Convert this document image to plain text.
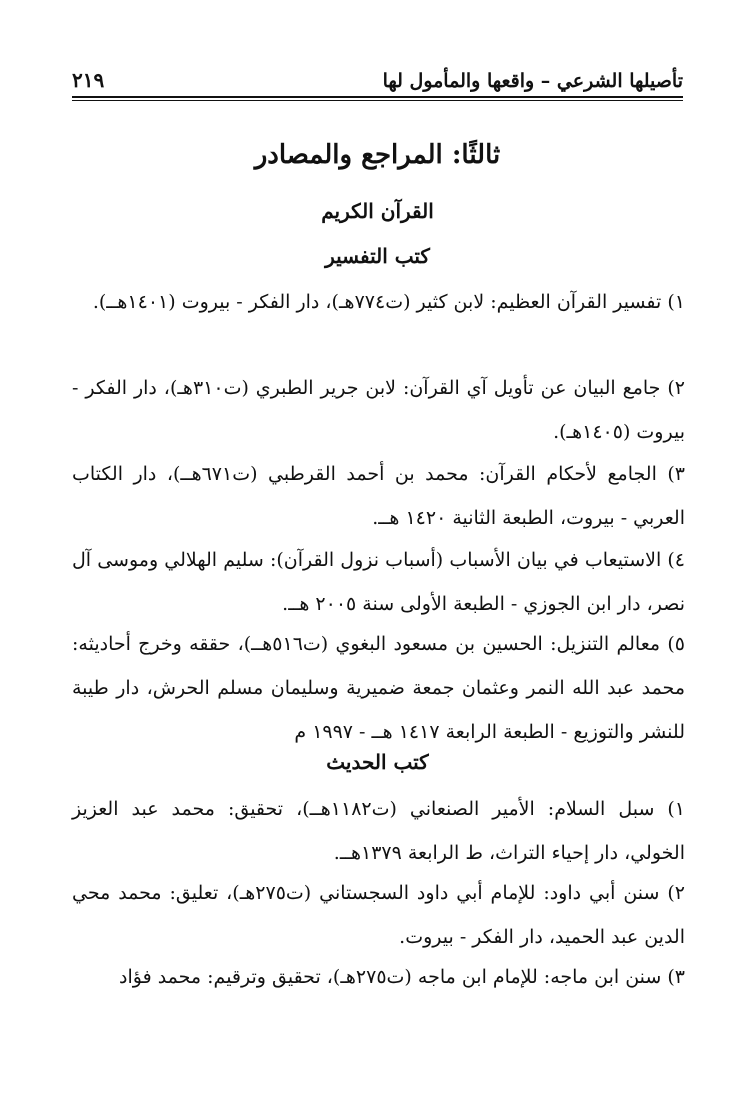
تأصيلها الشرعي – واقعها والمأمول لها
٢١٩
ثالثًا: المراجع والمصادر
القرآن الكريم
كتب التفسير
١) تفسير القرآن العظيم: لابن كثير (ت٧٧٤هـ)، دار الفكر - بيروت (١٤٠١هــ).
٢) جامع البيان عن تأويل آي القرآن: لابن جرير الطبري (ت٣١٠هـ)، دار الفكر - بيروت (١٤٠٥هـ).
٣) الجامع لأحكام القرآن: محمد بن أحمد القرطبي (ت٦٧١هــ)، دار الكتاب العربي - بيروت، الطبعة الثانية ١٤٢٠ هــ.
٤) الاستيعاب في بيان الأسباب (أسباب نزول القرآن): سليم الهلالي وموسى آل نصر، دار ابن الجوزي - الطبعة الأولى سنة ٢٠٠٥ هــ.
٥) معالم التنزيل: الحسين بن مسعود البغوي (ت٥١٦هــ)، حققه وخرج أحاديثه: محمد عبد الله النمر وعثمان جمعة ضميرية وسليمان مسلم الحرش، دار طيبة للنشر والتوزيع - الطبعة الرابعة ١٤١٧ هــ - ١٩٩٧ م
كتب الحديث
١) سبل السلام: الأمير الصنعاني (ت١١٨٢هــ)، تحقيق: محمد عبد العزيز الخولي، دار إحياء التراث، ط الرابعة ١٣٧٩هــ.
٢) سنن أبي داود: للإمام أبي داود السجستاني (ت٢٧٥هـ)، تعليق: محمد محي الدين عبد الحميد، دار الفكر - بيروت.
٣) سنن ابن ماجه: للإمام ابن ماجه (ت٢٧٥هـ)، تحقيق وترقيم: محمد فؤاد
